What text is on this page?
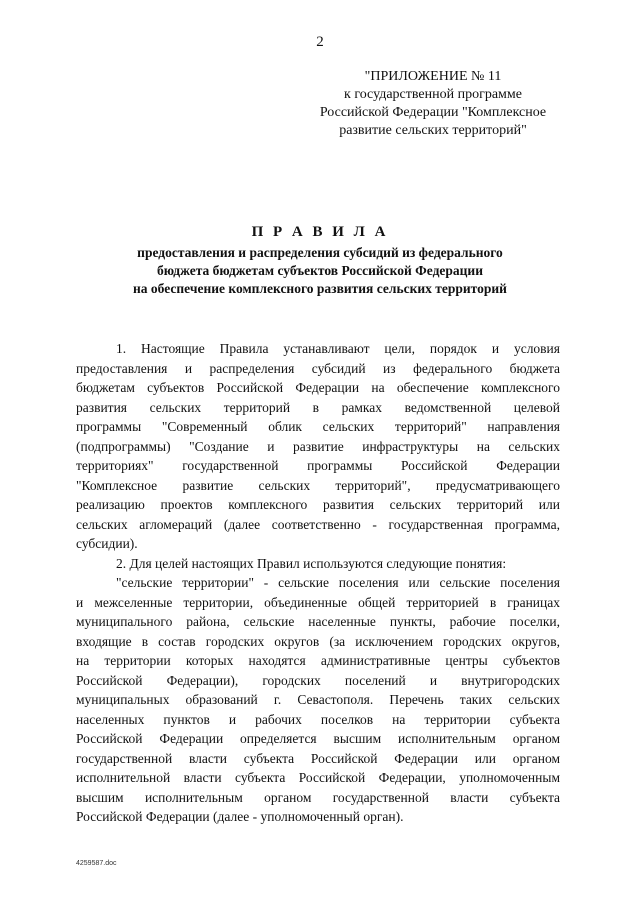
2
"ПРИЛОЖЕНИЕ № 11
к государственной программе
Российской Федерации "Комплексное
развитие сельских территорий"
П Р А В И Л А
предоставления и распределения субсидий из федерального
бюджета бюджетам субъектов Российской Федерации
на обеспечение комплексного развития сельских территорий
1. Настоящие Правила устанавливают цели, порядок и условия
предоставления и распределения субсидий из федерального бюджета
бюджетам субъектов Российской Федерации на обеспечение комплексного
развития сельских территорий в рамках ведомственной целевой
программы "Современный облик сельских территорий" направления
(подпрограммы) "Создание и развитие инфраструктуры на сельских
территориях" государственной программы Российской Федерации
"Комплексное развитие сельских территорий", предусматривающего
реализацию проектов комплексного развития сельских территорий или
сельских агломераций (далее соответственно - государственная программа,
субсидии).
2. Для целей настоящих Правил используются следующие понятия:
"сельские территории" - сельские поселения или сельские поселения
и межселенные территории, объединенные общей территорией в границах
муниципального района, сельские населенные пункты, рабочие поселки,
входящие в состав городских округов (за исключением городских округов,
на территории которых находятся административные центры субъектов
Российской Федерации), городских поселений и внутригородских
муниципальных образований г. Севастополя. Перечень таких сельских
населенных пунктов и рабочих поселков на территории субъекта
Российской Федерации определяется высшим исполнительным органом
государственной власти субъекта Российской Федерации или органом
исполнительной власти субъекта Российской Федерации, уполномоченным
высшим исполнительным органом государственной власти субъекта
Российской Федерации (далее - уполномоченный орган).
4259587.doc
